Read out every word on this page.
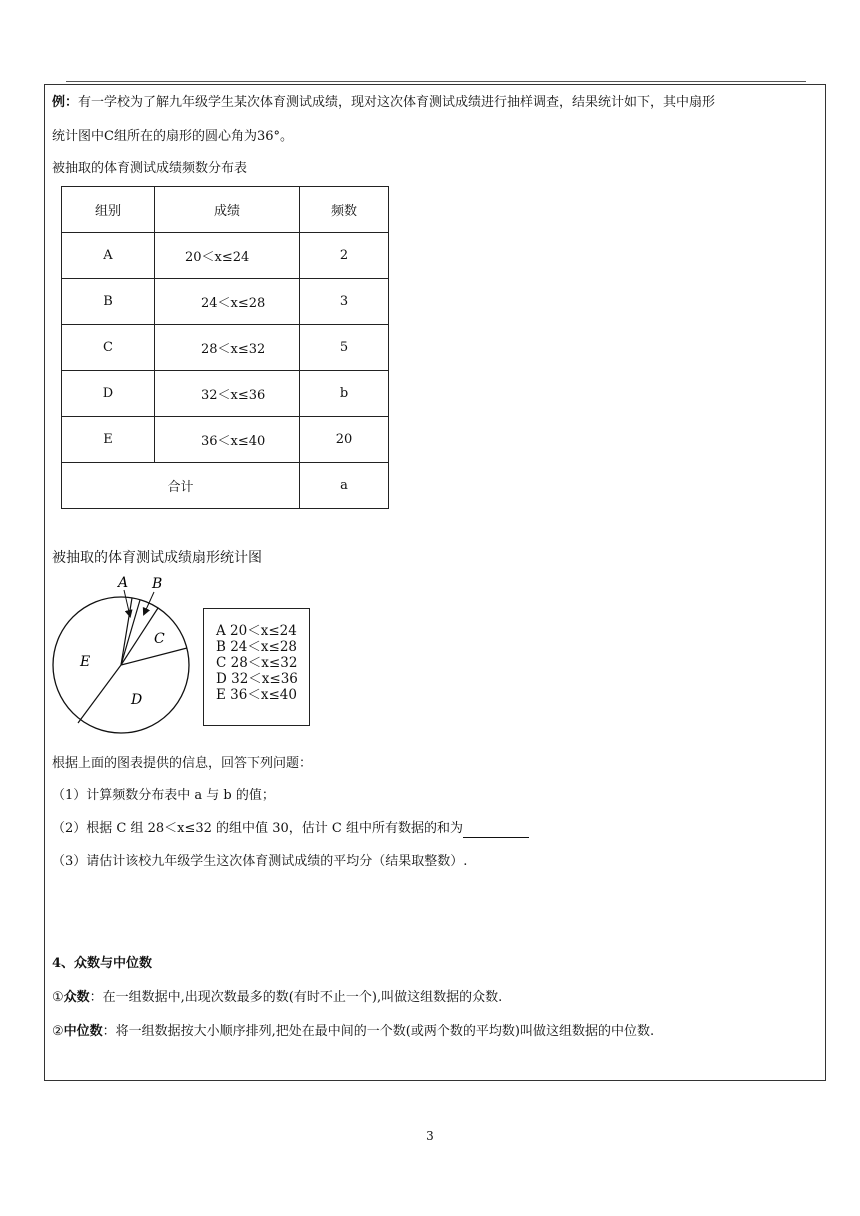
例：有一学校为了解九年级学生某次体育测试成绩，现对这次体育测试成绩进行抽样调查，结果统计如下，其中扇形
统计图中C组所在的扇形的圆心角为36°。
被抽取的体育测试成绩频数分布表
组别	成绩	频数
A	20＜x≤24	2
B	24＜x≤28	3
C	28＜x≤32	5
D	32＜x≤36	b
E	36＜x≤40	20
合计		a
被抽取的体育测试成绩扇形统计图
A B
C
D
E
A 20＜x≤24
B 24＜x≤28
C 28＜x≤32
D 32＜x≤36
E 36＜x≤40
根据上面的图表提供的信息，回答下列问题：
（1）计算频数分布表中 a 与 b 的值；
（2）根据 C 组 28＜x≤32 的组中值 30，估计 C 组中所有数据的和为
（3）请估计该校九年级学生这次体育测试成绩的平均分（结果取整数）.
4、众数与中位数
①众数：在一组数据中,出现次数最多的数(有时不止一个),叫做这组数据的众数.
②中位数：将一组数据按大小顺序排列,把处在最中间的一个数(或两个数的平均数)叫做这组数据的中位数.
3
